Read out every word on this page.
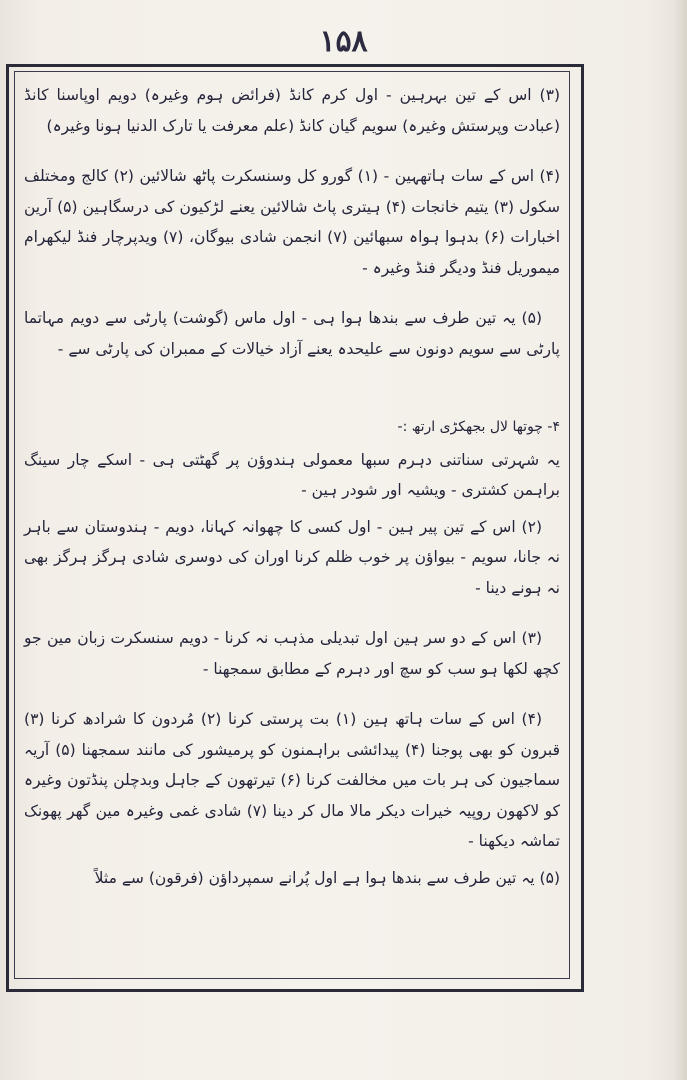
۱۵۸

(۳) اس کے تین بہرہین - اول کرم کانڈ (فرائض ہوم وغیرہ) دویم اوپاسنا کانڈ (عبادت وپرستش وغیرہ) سویم گیان کانڈ (علم معرفت یا تارک الدنیا ہونا وغیرہ)

(۴) اس کے سات ہاتھہین - (۱) گورو کل وسنسکرت پاٹھ شالائین (۲) کالج ومختلف سکول (۳) یتیم خانجات (۴) ہیتری پاٹ شالائین یعنے لڑکیون کی درسگاہین (۵) آرین اخبارات (۶) بدہوا ہواہ سبھائین (۷) انجمن شادی بیوگان، (۷) ویدپرچار فنڈ لیکھرام میموریل فنڈ ودیگر فنڈ وغیرہ -

(۵) یہ تین طرف سے بندھا ہوا ہی - اول ماس (گوشت) پارٹی سے دویم مہاتما پارٹی سے سویم دونون سے علیحدہ یعنے آزاد خیالات کے ممبران کی پارٹی سے -

۴- چوتھا لال بجھکڑی ارتھ :-

یہ شہرتی سناتنی دہرم سبھا معمولی ہندوؤن پر گھٹتی ہی - اسکے چار سینگ براہمن کشتری - ویشیہ اور شودر ہین -

(۲) اس کے تین پیر ہین - اول کسی کا چھوانہ کہانا، دویم - ہندوستان سے باہر نہ جانا، سویم - بیواؤن پر خوب ظلم کرنا اوران کی دوسری شادی ہرگز ہرگز بھی نہ ہونے دینا -

(۳) اس کے دو سر ہین اول تبدیلی مذہب نہ کرنا - دویم سنسکرت زبان مین جو کچھ لکھا ہو سب کو سچ اور دہرم کے مطابق سمجھنا -

(۴) اس کے سات ہاتھ ہین (۱) بت پرستی کرنا (۲) مُردون کا شرادھ کرنا (۳) قبرون کو بھی پوجنا (۴) پیدائشی براہمنون کو پرمیشور کی مانند سمجھنا (۵) آریہ سماجیون کی ہر بات میں مخالفت کرنا (۶) تیرتھون کے جاہل وبدچلن پنڈتون وغیرہ کو لاکھون روپیہ خیرات دیکر مالا مال کر دینا (۷) شادی غمی وغیرہ مین گھر پھونک تماشہ دیکھنا -

(۵) یہ تین طرف سے بندھا ہوا ہے اول پُرانے سمپرداؤن (فرقون) سے مثلاً
